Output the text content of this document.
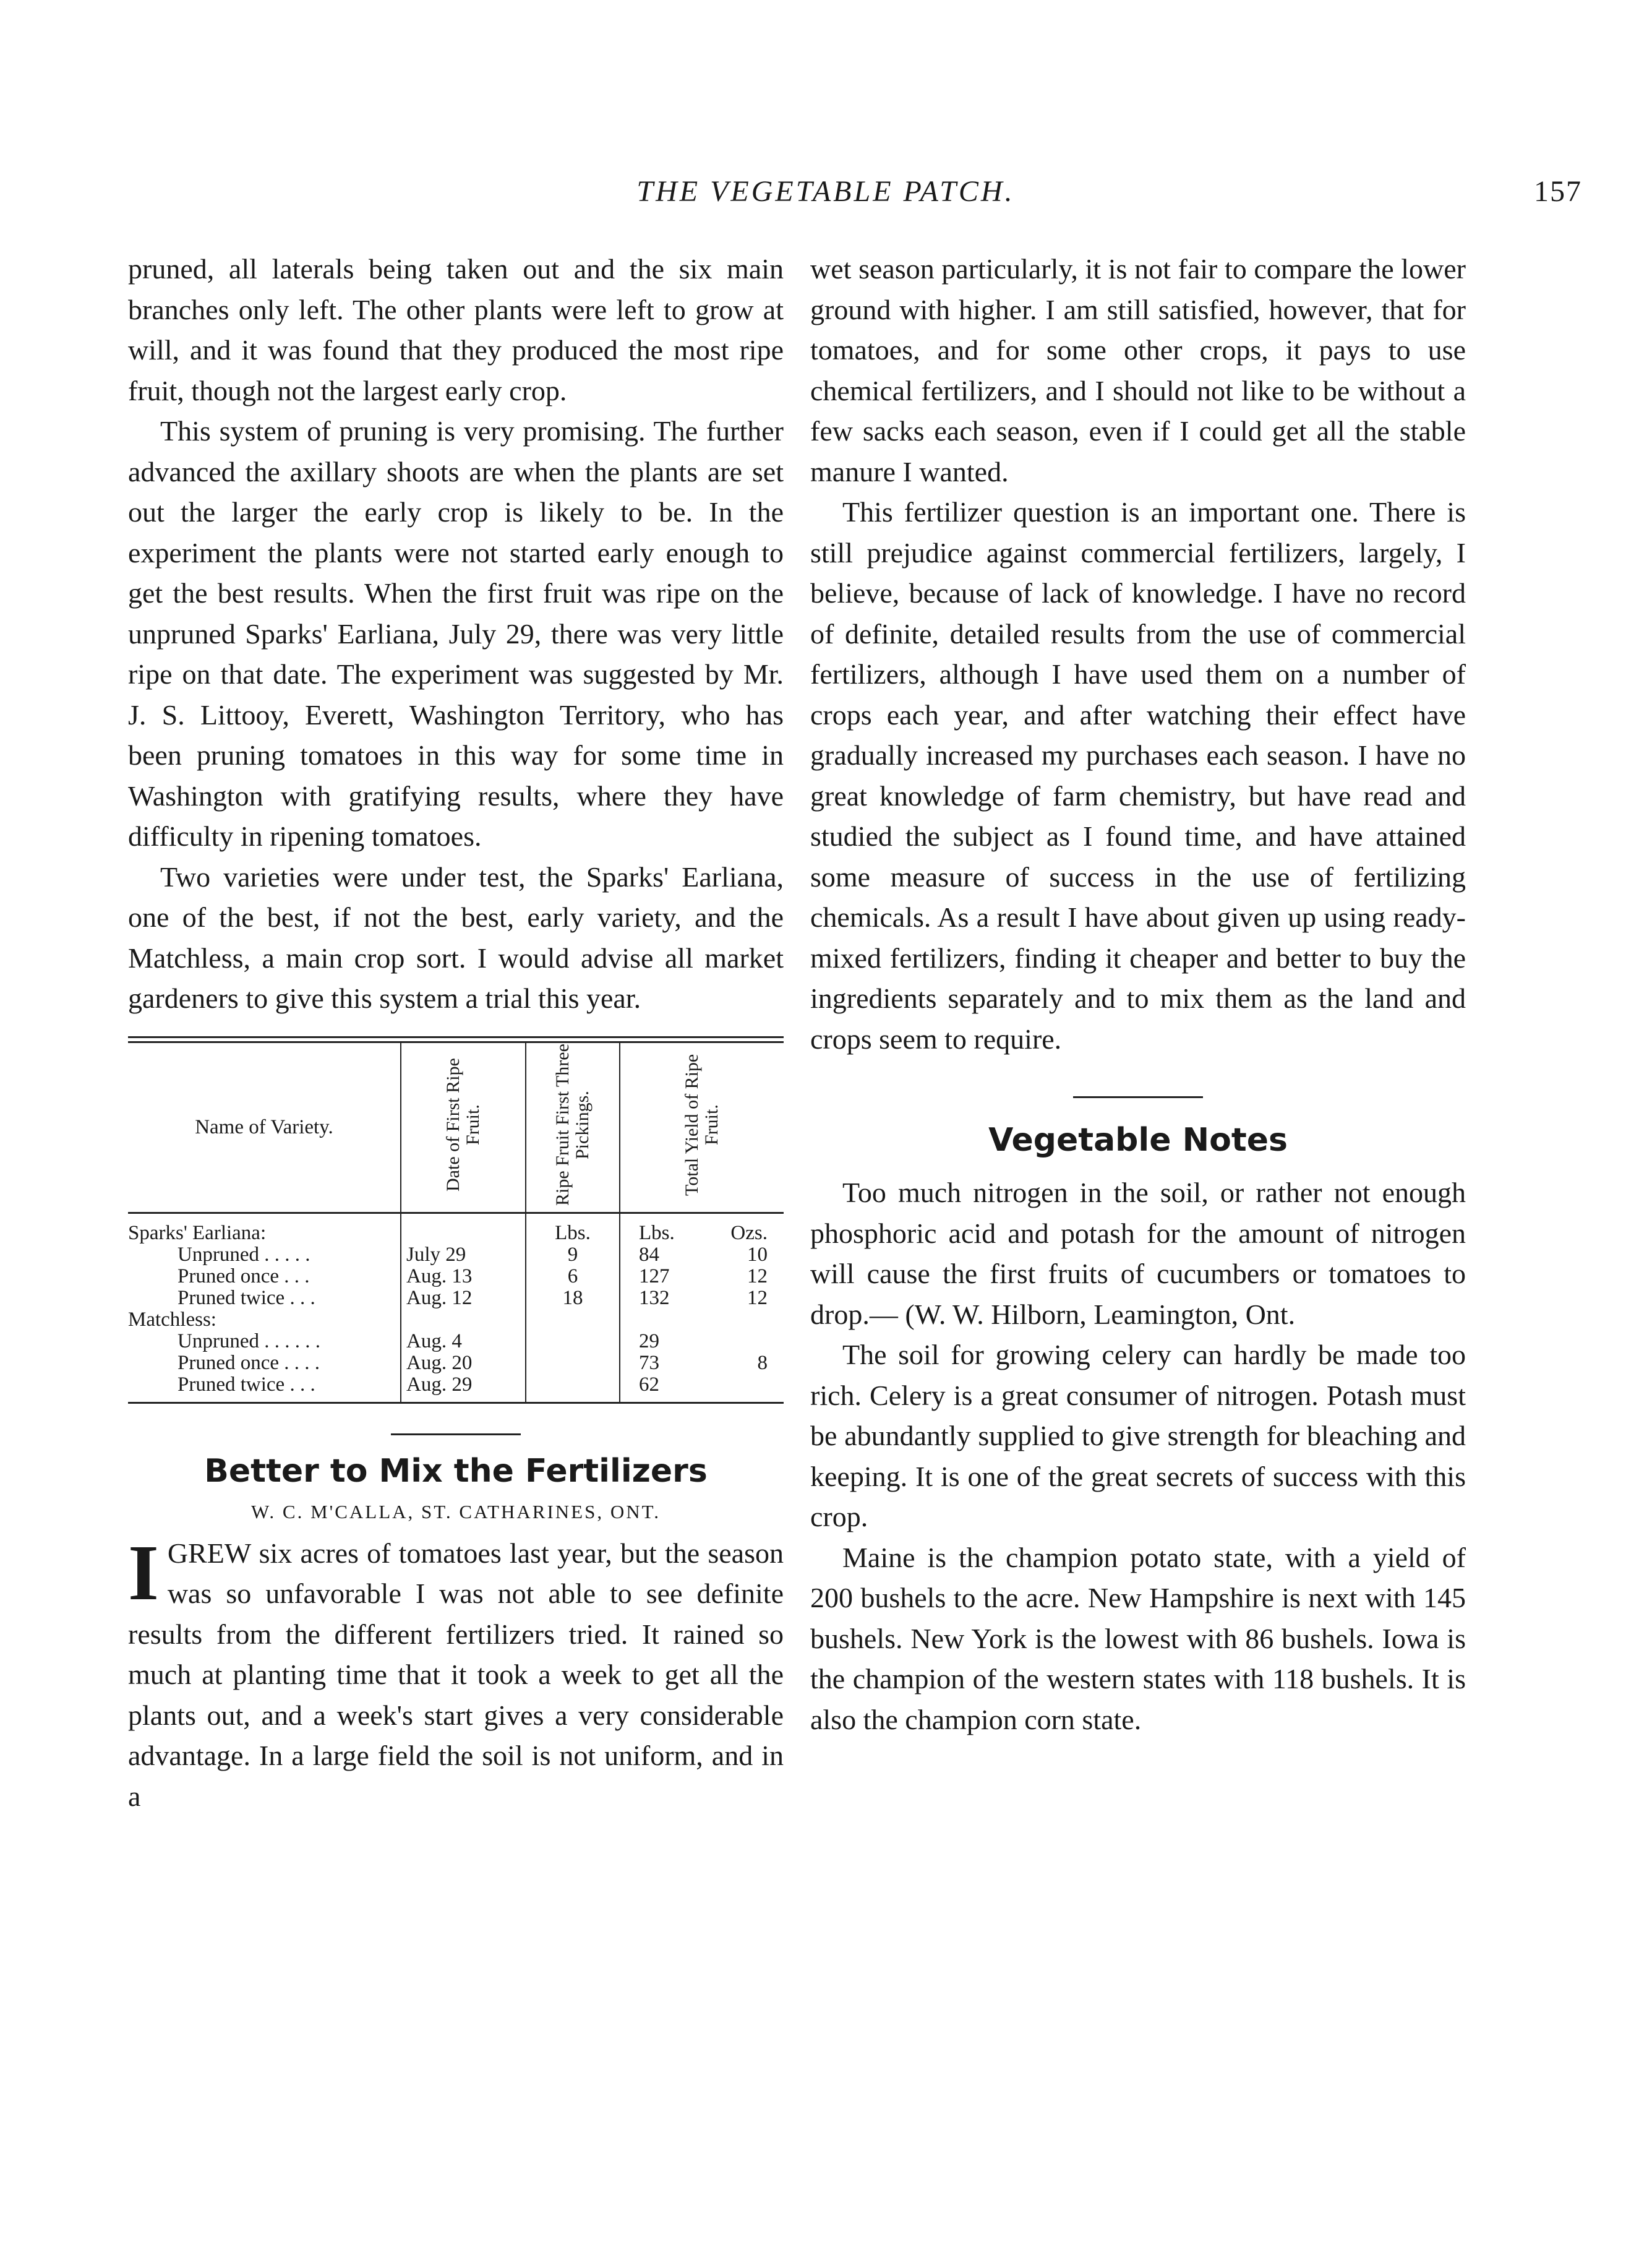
THE VEGETABLE PATCH.	157

pruned, all laterals being taken out and the six main branches only left. The other plants were left to grow at will, and it was found that they produced the most ripe fruit, though not the largest early crop.

This system of pruning is very promising. The further advanced the axillary shoots are when the plants are set out the larger the early crop is likely to be. In the experiment the plants were not started early enough to get the best results. When the first fruit was ripe on the unpruned Sparks' Earliana, July 29, there was very little ripe on that date. The experiment was suggested by Mr. J. S. Littooy, Everett, Washington Territory, who has been pruning tomatoes in this way for some time in Washington with gratifying results, where they have difficulty in ripening tomatoes.

Two varieties were under test, the Sparks' Earliana, one of the best, if not the best, early variety, and the Matchless, a main crop sort. I would advise all market gardeners to give this system a trial this year.

Name of Variety.	Date of First Ripe Fruit.	Ripe Fruit First Three Pickings.	Total Yield of Ripe Fruit.
Sparks' Earliana:		Lbs.	Lbs. Ozs.

Unpruned . . . . .	July 29	9	84 10

Pruned once . . .	Aug. 13	6	127 12

Pruned twice . . .	Aug. 12	18	132 12

Matchless:			
Unpruned . . . . . .	Aug. 4		29

Pruned once . . . .	Aug. 20		73 8

Pruned twice . . .	Aug. 29		62
Better to Mix the Fertilizers
W. C. M'CALLA, ST. CATHARINES, ONT.

IGREW six acres of tomatoes last year, but the season was so unfavorable I was not able to see definite results from the different fertilizers tried. It rained so much at planting time that it took a week to get all the plants out, and a week's start gives a very considerable advantage. In a large field the soil is not uniform, and in a

wet season particularly, it is not fair to compare the lower ground with higher. I am still satisfied, however, that for tomatoes, and for some other crops, it pays to use chemical fertilizers, and I should not like to be without a few sacks each season, even if I could get all the stable manure I wanted.

This fertilizer question is an important one. There is still prejudice against commercial fertilizers, largely, I believe, because of lack of knowledge. I have no record of definite, detailed results from the use of commercial fertilizers, although I have used them on a number of crops each year, and after watching their effect have gradually increased my purchases each season. I have no great knowledge of farm chemistry, but have read and studied the subject as I found time, and have attained some measure of success in the use of fertilizing chemicals. As a result I have about given up using ready-mixed fertilizers, finding it cheaper and better to buy the ingredients separately and to mix them as the land and crops seem to require.

Vegetable Notes

Too much nitrogen in the soil, or rather not enough phosphoric acid and potash for the amount of nitrogen will cause the first fruits of cucumbers or tomatoes to drop.— (W. W. Hilborn, Leamington, Ont.

The soil for growing celery can hardly be made too rich. Celery is a great consumer of nitrogen. Potash must be abundantly supplied to give strength for bleaching and keeping. It is one of the great secrets of success with this crop.

Maine is the champion potato state, with a yield of 200 bushels to the acre. New Hampshire is next with 145 bushels. New York is the lowest with 86 bushels. Iowa is the champion of the western states with 118 bushels. It is also the champion corn state.
